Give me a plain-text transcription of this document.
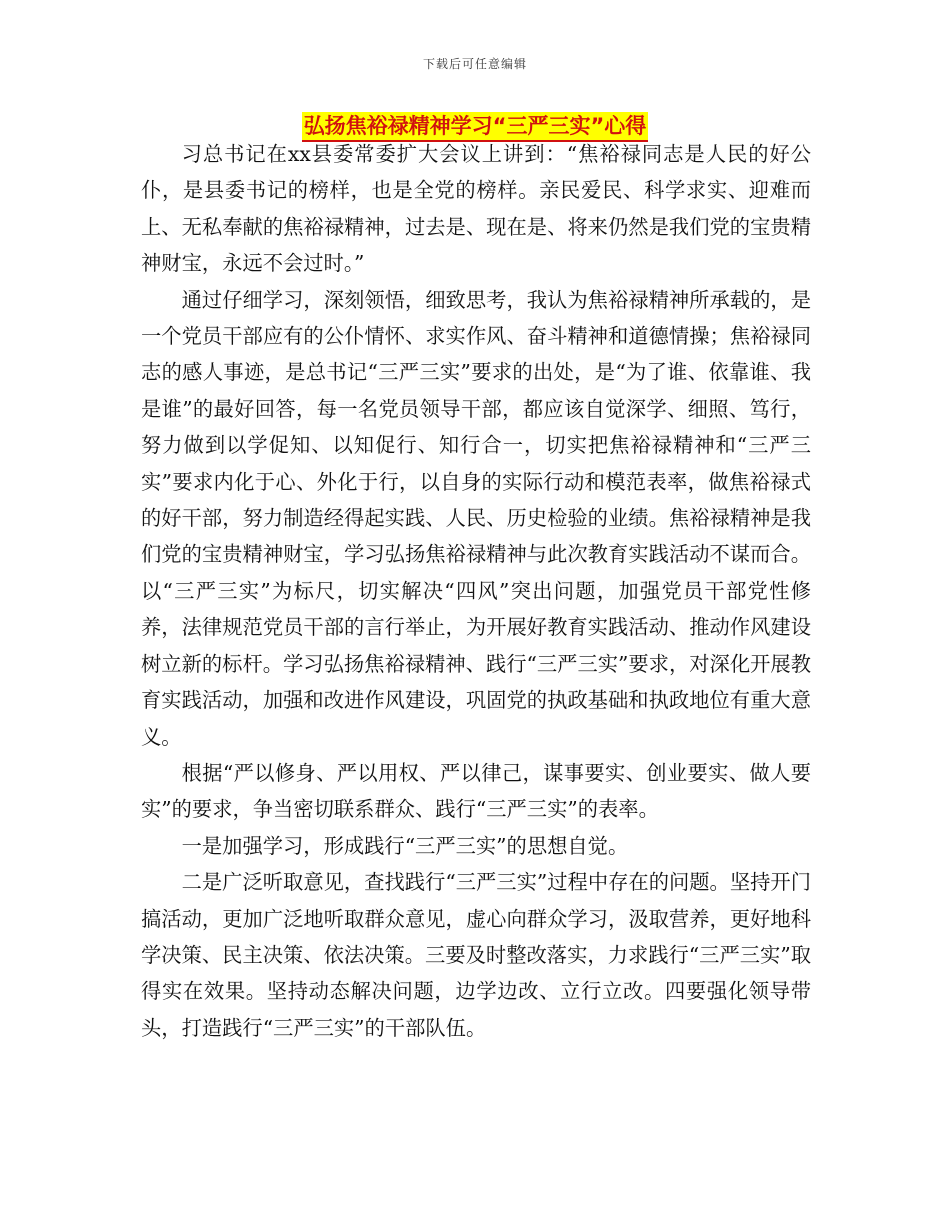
下载后可任意编辑
弘扬焦裕禄精神学习“三严三实”心得

习总书记在xx县委常委扩大会议上讲到：“焦裕禄同志是人民的好公仆，是县委书记的榜样，也是全党的榜样。亲民爱民、科学求实、迎难而上、无私奉献的焦裕禄精神，过去是、现在是、将来仍然是我们党的宝贵精神财宝，永远不会过时。”

通过仔细学习，深刻领悟，细致思考，我认为焦裕禄精神所承载的，是一个党员干部应有的公仆情怀、求实作风、奋斗精神和道德情操；焦裕禄同志的感人事迹，是总书记“三严三实”要求的出处，是“为了谁、依靠谁、我是谁”的最好回答，每一名党员领导干部，都应该自觉深学、细照、笃行，努力做到以学促知、以知促行、知行合一，切实把焦裕禄精神和“三严三实”要求内化于心、外化于行，以自身的实际行动和模范表率，做焦裕禄式的好干部，努力制造经得起实践、人民、历史检验的业绩。焦裕禄精神是我们党的宝贵精神财宝，学习弘扬焦裕禄精神与此次教育实践活动不谋而合。以“三严三实”为标尺，切实解决“四风”突出问题，加强党员干部党性修养，法律规范党员干部的言行举止，为开展好教育实践活动、推动作风建设树立新的标杆。学习弘扬焦裕禄精神、践行“三严三实”要求，对深化开展教育实践活动，加强和改进作风建设，巩固党的执政基础和执政地位有重大意义。

根据“严以修身、严以用权、严以律己，谋事要实、创业要实、做人要实”的要求，争当密切联系群众、践行“三严三实”的表率。

一是加强学习，形成践行“三严三实”的思想自觉。

二是广泛听取意见，查找践行“三严三实”过程中存在的问题。坚持开门搞活动，更加广泛地听取群众意见，虚心向群众学习，汲取营养，更好地科学决策、民主决策、依法决策。三要及时整改落实，力求践行“三严三实”取得实在效果。坚持动态解决问题，边学边改、立行立改。四要强化领导带头，打造践行“三严三实”的干部队伍。
